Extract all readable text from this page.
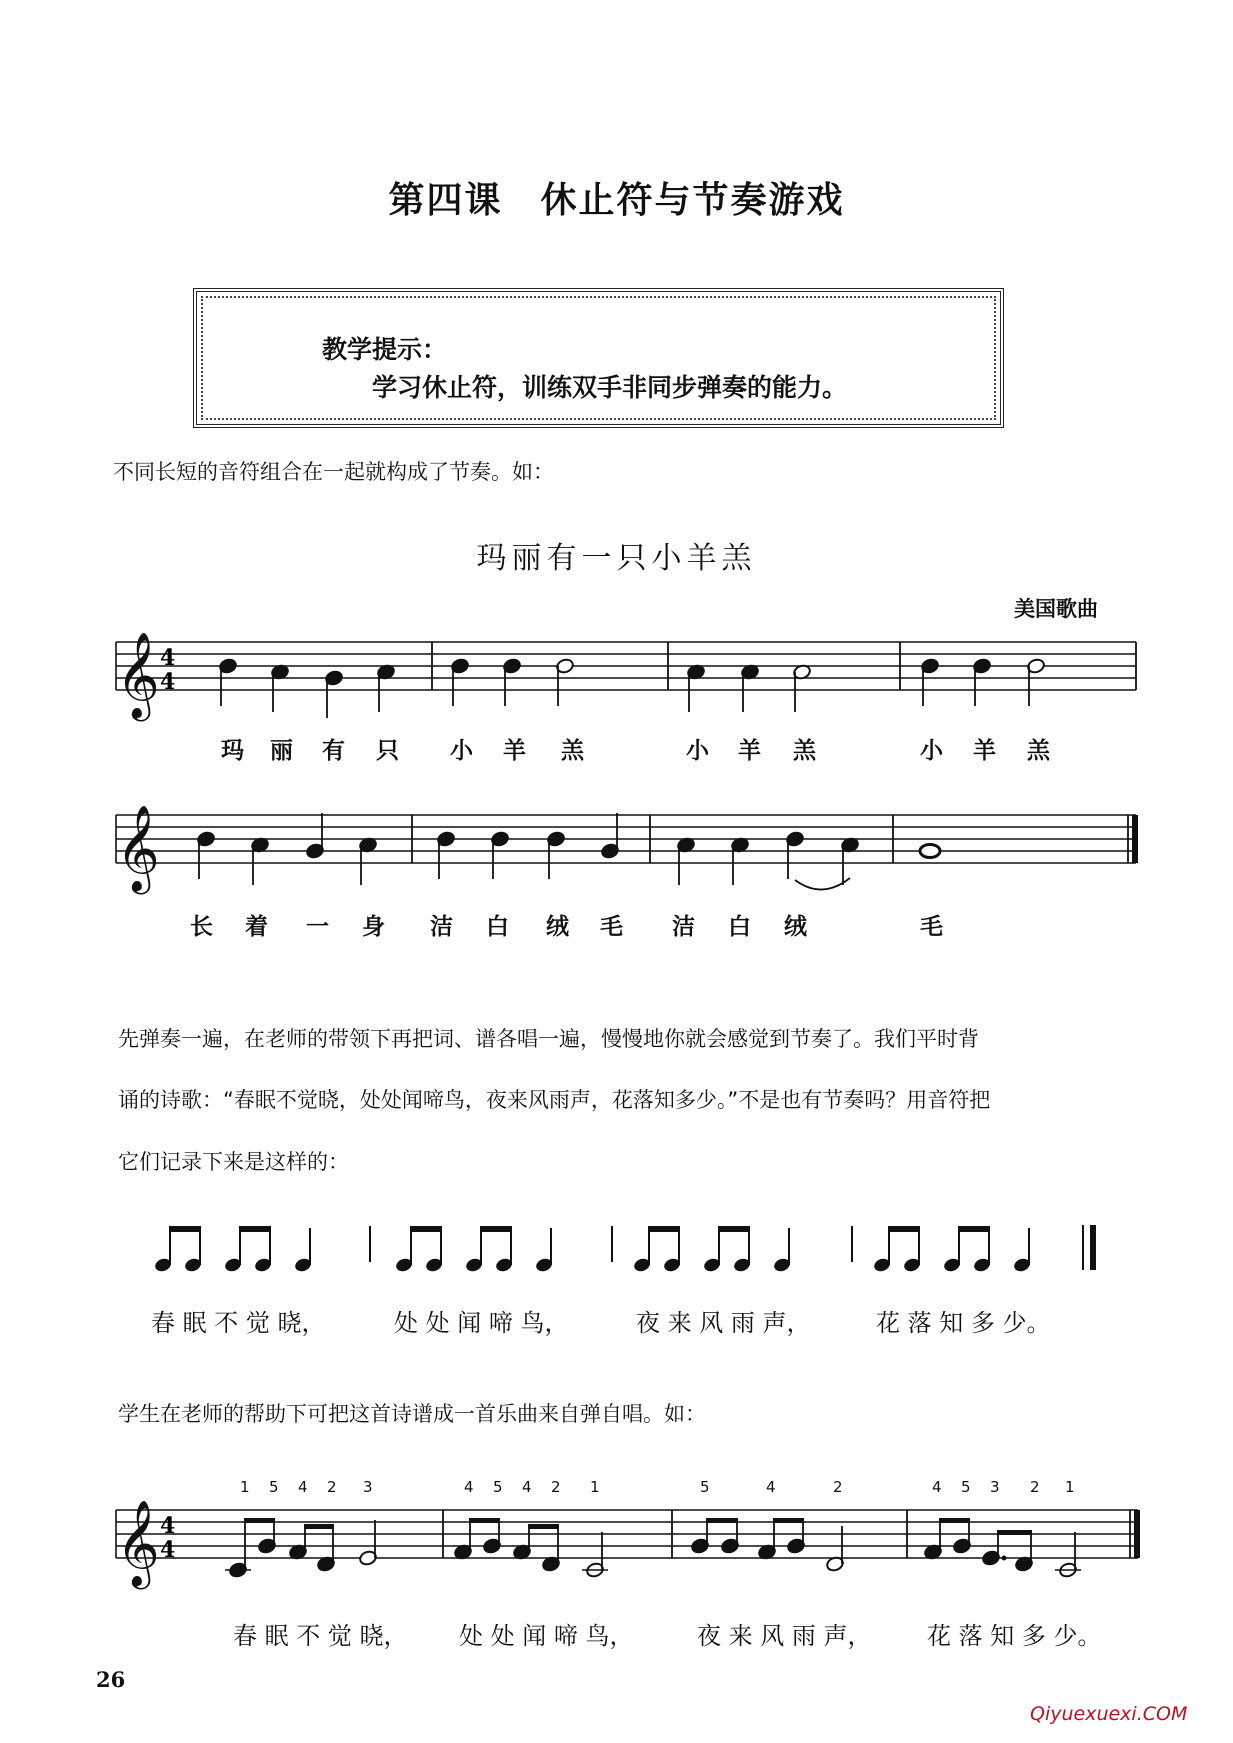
第四课　休止符与节奏游戏
教学提示：
学习休止符，训练双手非同步弹奏的能力。
不同长短的音符组合在一起就构成了节奏。如：
玛丽有一只小羊羔
美国歌曲
𝄞 4
4
𝄞
𝄞 4
4
玛 丽 有 只 小 羊 羔	小 羊 羔	小 羊 羔
长 着 一 身 洁 白 绒 毛 洁 白 绒	毛
先弹奏一遍，在老师的带领下再把词、谱各唱一遍，慢慢地你就会感觉到节奏了。我们平时背
诵的诗歌：“春眠不觉晓，处处闻啼鸟，夜来风雨声，花落知多少。”不是也有节奏吗？用音符把
它们记录下来是这样的：
春 眠 不 觉 晓，	处 处 闻 啼 鸟，	夜 来 风 雨 声，	花 落 知 多 少。
学生在老师的帮助下可把这首诗谱成一首乐曲来自弹自唱。如：
1 5 4 2 3	4 5 4 2 1	5	4	2	4 5 3 2 1
春 眠 不 觉 晓， 处 处 闻 啼 鸟，	夜 来 风 雨 声， 花 落 知 多 少。
26
Qiyuexuexi.COM
